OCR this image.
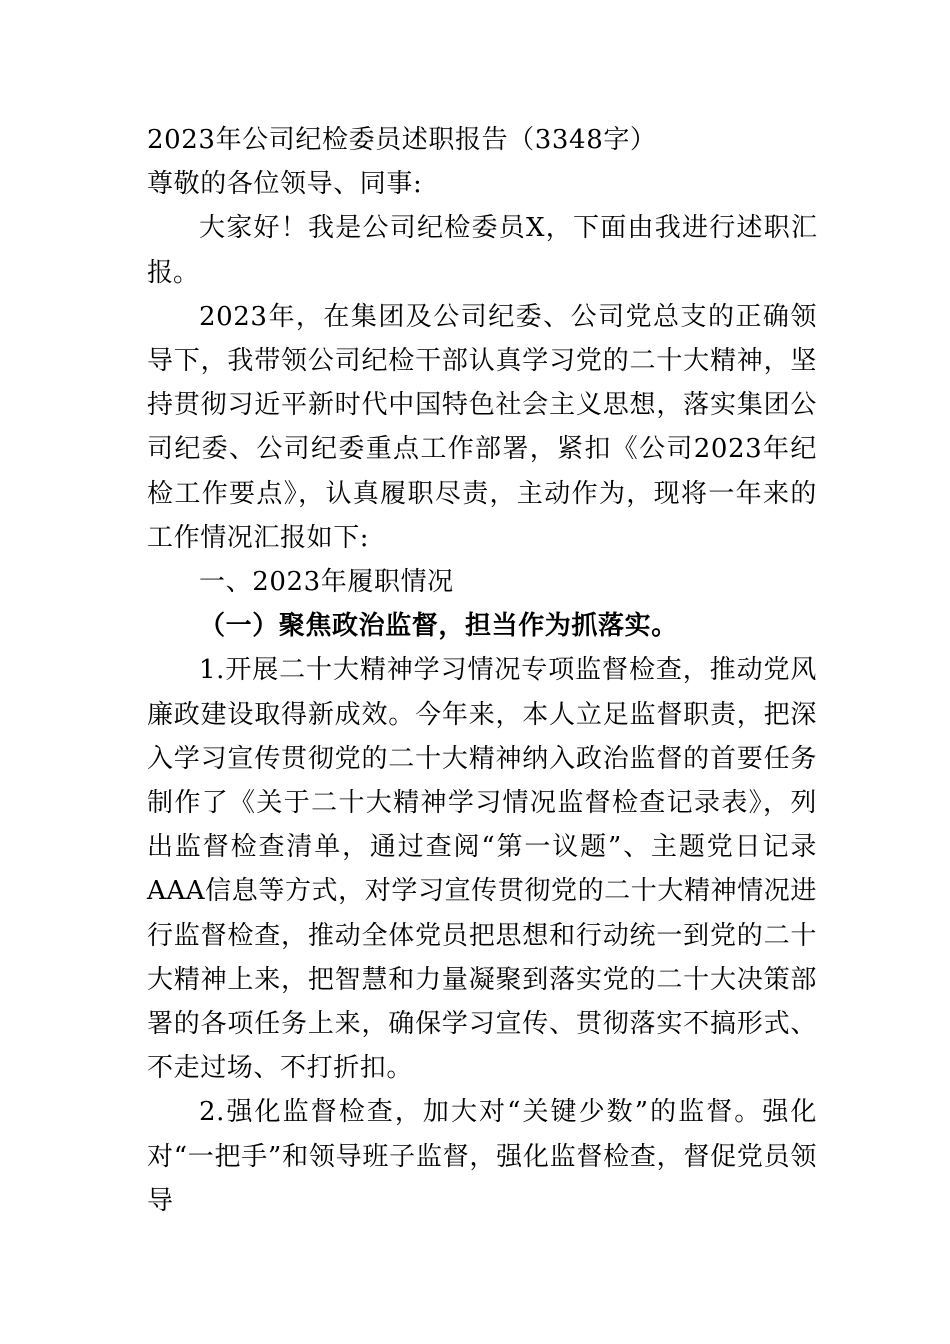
2023年公司纪检委员述职报告（3348字）

尊敬的各位领导、同事:

大家好！我是公司纪检委员X，下面由我进行述职汇报。

2023年，在集团及公司纪委、公司党总支的正确领导下，我带领公司纪检干部认真学习党的二十大精神，坚持贯彻习近平新时代中国特色社会主义思想，落实集团公司纪委、公司纪委重点工作部署，紧扣《公司2023年纪检工作要点》，认真履职尽责，主动作为，现将一年来的工作情况汇报如下:

一、2023年履职情况

（一）聚焦政治监督，担当作为抓落实。

1.开展二十大精神学习情况专项监督检查，推动党风廉政建设取得新成效。今年来，本人立足监督职责，把深入学习宣传贯彻党的二十大精神纳入政治监督的首要任务制作了《关于二十大精神学习情况监督检查记录表》，列出监督检查清单，通过查阅“第一议题”、主题党日记录AAA信息等方式，对学习宣传贯彻党的二十大精神情况进行监督检查，推动全体党员把思想和行动统一到党的二十大精神上来，把智慧和力量凝聚到落实党的二十大决策部署的各项任务上来，确保学习宣传、贯彻落实不搞形式、不走过场、不打折扣。

2.强化监督检查，加大对“关键少数”的监督。强化对“一把手”和领导班子监督，强化监督检查，督促党员领导
